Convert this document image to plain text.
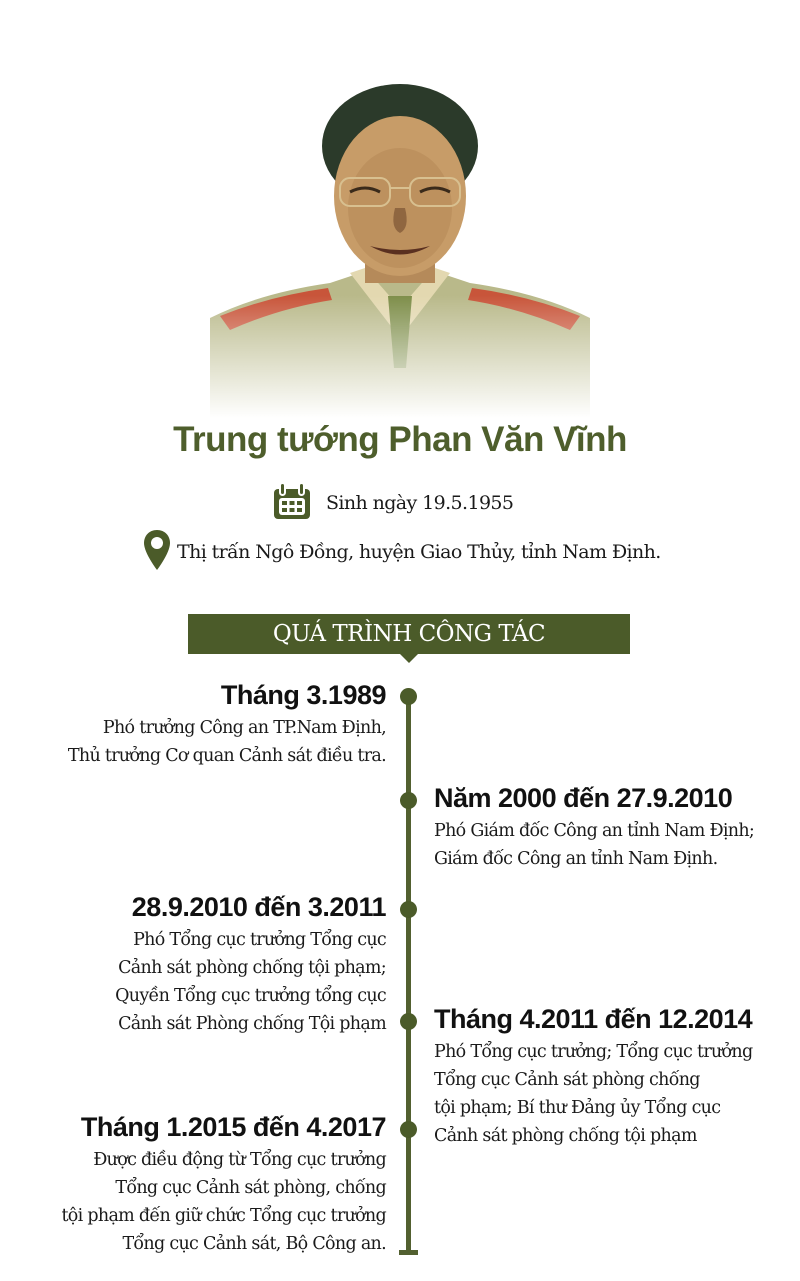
Trung tướng Phan Văn Vĩnh
Sinh ngày 19.5.1955
Thị trấn Ngô Đồng, huyện Giao Thủy, tỉnh Nam Định.
QUÁ TRÌNH CÔNG TÁC
Tháng 3.1989
Phó trưởng Công an TP.Nam Định,
Thủ trưởng Cơ quan Cảnh sát điều tra.
Năm 2000 đến 27.9.2010
Phó Giám đốc Công an tỉnh Nam Định;
Giám đốc Công an tỉnh Nam Định.
28.9.2010 đến 3.2011
Phó Tổng cục trưởng Tổng cục
Cảnh sát phòng chống tội phạm;
Quyền Tổng cục trưởng tổng cục
Cảnh sát Phòng chống Tội phạm Tháng 4.2011 đến 12.2014
Phó Tổng cục trưởng; Tổng cục trưởng
Tổng cục Cảnh sát phòng chống
tội phạm; Bí thư Đảng ủy Tổng cục
Cảnh sát phòng chống tội phạm
Tháng 1.2015 đến 4.2017
Được điều động từ Tổng cục trưởng
Tổng cục Cảnh sát phòng, chống
tội phạm đến giữ chức Tổng cục trưởng
Tổng cục Cảnh sát, Bộ Công an.
